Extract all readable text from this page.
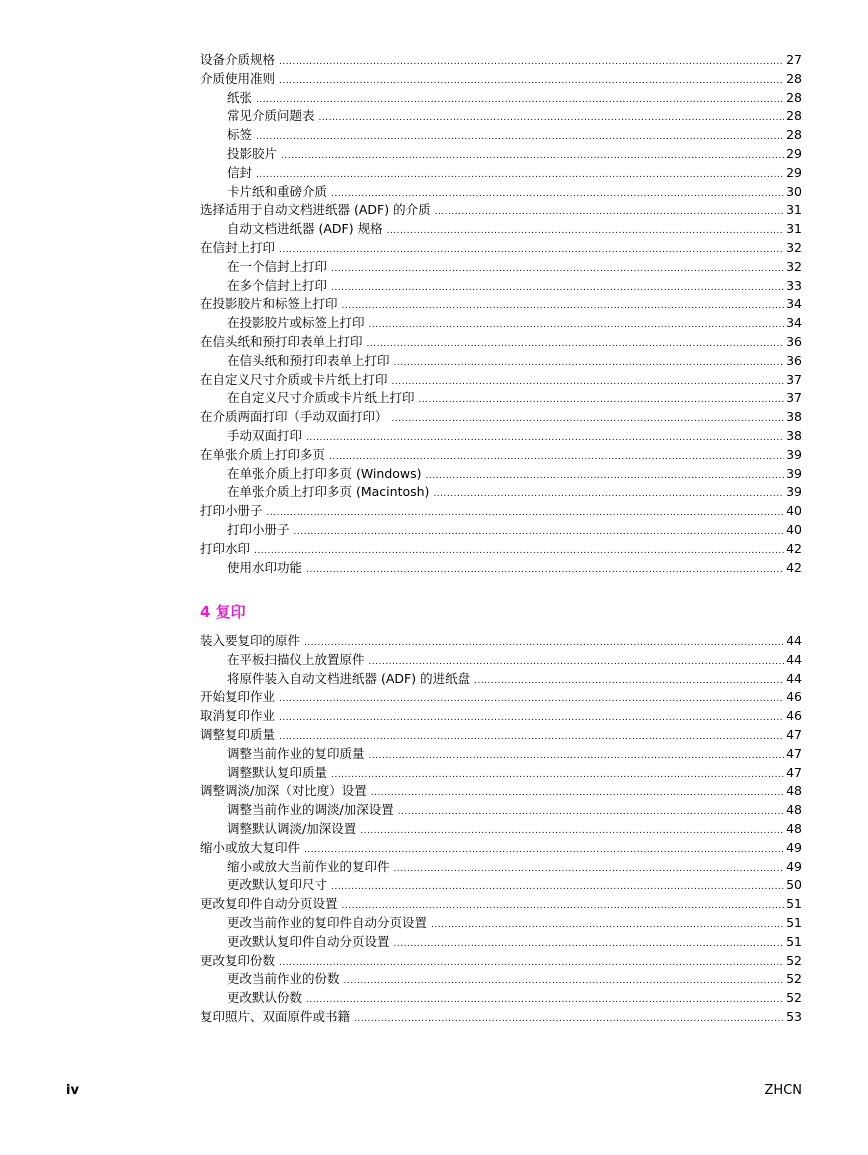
设备介质规格 .....	27
介质使用准则 .....	28
纸张 .....	28
常见介质问题表 .....	28
标签 .....	28
投影胶片 .....	29
信封 .....	29
卡片纸和重磅介质 .....	30
选择适用于自动文档进纸器 (ADF) 的介质 .....	31
自动文档进纸器 (ADF) 规格 .....	31
在信封上打印 .....	32
在一个信封上打印 .....	32
在多个信封上打印 .....	33
在投影胶片和标签上打印 .....	34
在投影胶片或标签上打印 .....	34
在信头纸和预打印表单上打印 .....	36
在信头纸和预打印表单上打印 .....	36
在自定义尺寸介质或卡片纸上打印 .....	37
在自定义尺寸介质或卡片纸上打印 .....	37
在介质两面打印（手动双面打印） .....	38
手动双面打印 .....	38
在单张介质上打印多页 .....	39
在单张介质上打印多页 (Windows) .....	39
在单张介质上打印多页 (Macintosh) .....	39
打印小册子 .....	40
打印小册子 .....	40
打印水印 .....	42
使用水印功能 .....	42
4 复印
装入要复印的原件 .....	44
在平板扫描仪上放置原件 .....	44
将原件装入自动文档进纸器 (ADF) 的进纸盘 .....	44
开始复印作业 .....	46
取消复印作业 .....	46
调整复印质量 .....	47
调整当前作业的复印质量 .....	47
调整默认复印质量 .....	47
调整调淡/加深（对比度）设置 .....	48
调整当前作业的调淡/加深设置 .....	48
调整默认调淡/加深设置 .....	48
缩小或放大复印件 .....	49
缩小或放大当前作业的复印件 .....	49
更改默认复印尺寸 .....	50
更改复印件自动分页设置 .....	51
更改当前作业的复印件自动分页设置 .....	51
更改默认复印件自动分页设置 .....	51
更改复印份数 .....	52
更改当前作业的份数 .....	52
更改默认份数 .....	52
复印照片、双面原件或书籍 .....	53
iv	ZHCN
